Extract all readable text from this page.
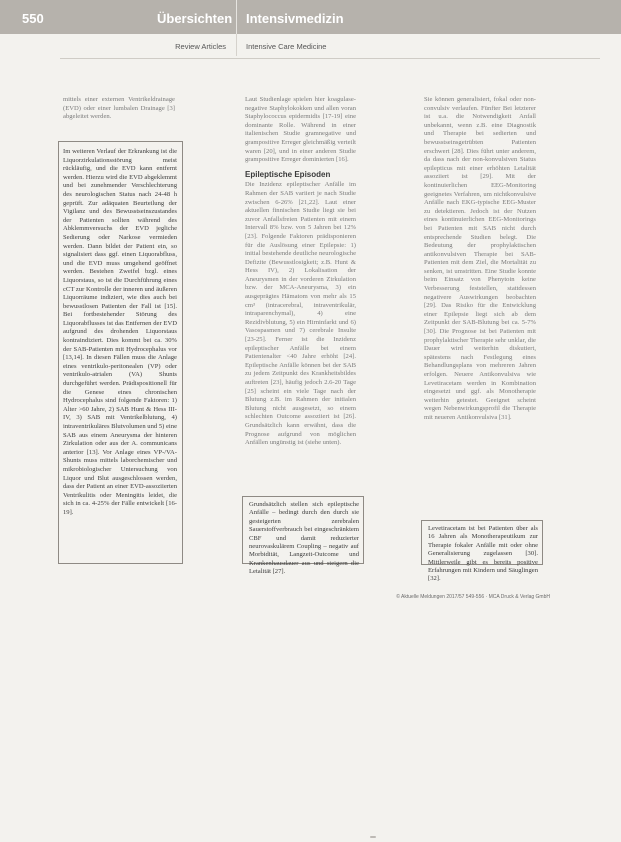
550	Übersichten Intensivmedizin
Review Articles	Intensive Care Medicine

mittels einer externen Ventrikeldrainage (EVD) oder einer lumbalen Drainage [3] abgeleitet werden.

Im weiteren Verlauf der Erkrankung ist die Liquorzirkulationsstörung meist rückläufig, und die EVD kann entfernt werden. Hierzu wird die EVD abgeklemmt und bei zunehmender Verschlechterung des neurologischen Status nach 24-48 h geprüft. Zur adäquaten Beurteilung der Vigilanz und des Bewusstseinszustandes der Patienten sollten während des Abklemmversuchs der EVD jegliche Sedierung oder Narkose vermieden werden. Dann bildet der Patient ein, so signalisiert dass ggf. einen Liquorabfluss, und die EVD muss umgehend geöffnet werden. Bestehen Zweifel bzgl. eines Liquorstaus, so ist die Durchführung eines cCT zur Kontrolle der inneren und äußeren Liquorräume indiziert, wie dies auch bei bewusstlosen Patienten der Fall ist [15]. Bei fortbestehender Störung des Liquorabflusses ist das Entfernen der EVD aufgrund des drohenden Liquorstaus kontraindiziert. Dies kommt bei ca. 30% der SAB-Patienten mit Hydrocephalus vor [13,14]. In diesen Fällen muss die Anlage eines ventrikulo-peritonealen (VP) oder ventrikulo-atrialen (VA) Shunts durchgeführt werden. Prädispositionell für die Genese eines chronischen Hydrocephalus sind folgende Faktoren: 1) Alter >60 Jahre, 2) SAB Hunt & Hess III-IV, 3) SAB mit Ventrikelblutung, 4) intraventrikuläres Blutvolumen und 5) eine SAB aus einem Aneurysma der hinteren Zirkulation oder aus der A. communicans anterior [13]. Vor Anlage eines VP-/VA-Shunts muss mittels laborchemischer und mikrobiologischer Untersuchung von Liquor und Blut ausgeschlossen werden, dass der Patient an einer EVD-assoziierten Ventrikulitis oder Meningitis leidet, die sich in ca. 4-25% der Fälle entwickelt [16-19].

Laut Studienlage spielen hier koagulase-negative Staphylokokken und allen voran Staphylococcus epidermidis [17-19] eine dominante Rolle. Während in einer italienischen Studie gramnegative und grampositive Erreger gleichmäßig verteilt waren [20], und in einer anderen Studie grampositive Erreger dominierten [16].

Epileptische Episoden

Die Inzidenz epileptischer Anfälle im Rahmen der SAB variiert je nach Studie zwischen 6-26% [21,22]. Laut einer aktuellen finnischen Studie liegt sie bei zuvor Anfallsfreien Patienten mit einem Intervall 8% bzw. von 5 Jahren bei 12% [23]. Folgende Faktoren prädisponieren für die Auslösung einer Epilepsie: 1) initial bestehende deutliche neurologische Defizite (Bewusstlosigkeit; z.B. Hunt & Hess IV), 2) Lokalisation der Aneurysmen in der vorderen Zirkulation bzw. der MCA-Aneurysma, 3) ein ausgeprägtes Hämatom von mehr als 15 cm³ (intracerebral, intraventrikulär, intraparenchymal), 4) eine Rezidivblutung, 5) ein Hirninfarkt und 6) Vasospasmen und 7) cerebrale Insulte [23-25]. Ferner ist die Inzidenz epileptischer Anfälle bei einem Patientenalter <40 Jahre erhöht [24]. Epileptische Anfälle können bei der SAB zu jedem Zeitpunkt des Krankheitsbildes auftreten [23], häufig jedoch 2.6-20 Tage [25] scheint ein viele Tage nach der Blutung z.B. im Rahmen der initialen Blutung nicht ausgesetzt, so einem schlechten Outcome assoziiert ist [26]. Grundsätzlich kann erwähnt, dass die Prognose aufgrund von möglichen Anfällen ungünstig ist (siehe unten).

Grundsätzlich stellen sich epileptische Anfälle – bedingt durch den durch sie gesteigerten zerebralen Sauerstoffverbrauch bei eingeschränktem CBF und damit reduzierter neurovaskulärem Coupling – negativ auf Morbidität, Langzeit-Outcome und Krankenhausdauer aus und steigern die Letalität [27].

Sie können generalisiert, fokal oder non-convulsiv verlaufen. Fünfter Bei letzterer ist u.a. die Notwendigkeit Anfall unbekannt, wenn z.B. eine Diagnostik und Therapie bei sedierten und bewusstseinsgetrübten Patienten erschwert [28]. Dies führt unter anderem, da dass nach der non-konvulsiven Status epilepticus mit einer erhöhten Letalität assoziiert ist [29]. Mit der kontinuierlichen EEG-Monitoring geeignetes Verfahren, um nichtkonvulsive Anfälle nach EKG-typische EEG-Muster zu detektieren. Jedoch ist der Nutzen eines kontinuierlichen EEG-Monitorings bei Patienten mit SAB nicht durch entsprechende Studien belegt. Die Bedeutung der prophylaktischen antikonvulsiven Therapie bei SAB-Patienten mit dem Ziel, die Mortalität zu senken, ist umstritten. Eine Studie konnte beim Einsatz von Phenytoin keine Verbesserung feststellen, stattdessen negativere Auswirkungen beobachten [29]. Das Risiko für die Entwicklung einer Epilepsie liegt sich ab dem Zeitpunkt der SAB-Blutung bei ca. 5-7% [30]. Die Prognose ist bei Patienten mit prophylaktischer Therapie sehr unklar, die Dauer wird weiterhin diskutiert, spätestens nach Festlegung eines Behandlungsplans von mehreren Jahren erfolgen. Neuere Antikonvulsiva wie Levetiracetam werden in Kombination eingesetzt und ggf. als Monotherapie weiterhin getestet. Geeignet scheint wegen Nebenwirkungsprofil die Therapie mit neueren Antikonvulsiva [31].

Levetiracetam ist bei Patienten über als 16 Jahren als Monotherapeutikum zur Therapie fokaler Anfälle mit oder ohne Generalisierung zugelassen [30]. Mittlerweile gibt es bereits positive Erfahrungen mit Kindern und Säuglingen [32].

© Aktuelle Meldungen 2017/57 549-556 · MCA Druck & Verlag GmbH
